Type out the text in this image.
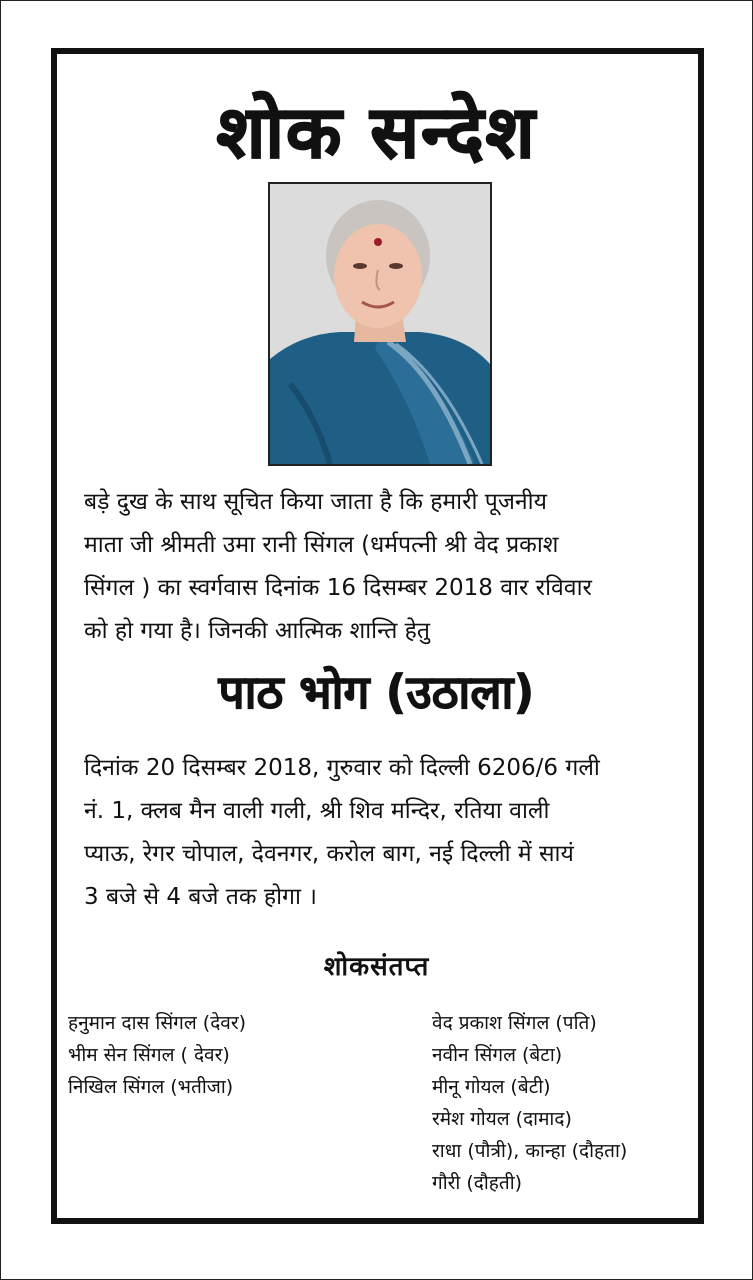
शोक सन्देश
बड़े दुख के साथ सूचित किया जाता है कि हमारी पूजनीय
माता जी श्रीमती उमा रानी सिंगल (धर्मपत्नी श्री वेद प्रकाश
सिंगल ) का स्वर्गवास दिनांक 16 दिसम्बर 2018 वार रविवार
को हो गया है। जिनकी आत्मिक शान्ति हेतु
पाठ भोग (उठाला)
दिनांक 20 दिसम्बर 2018, गुरुवार को दिल्ली 6206/6 गली
नं. 1, क्लब मैन वाली गली, श्री शिव मन्दिर, रतिया वाली
प्याऊ, रेगर चोपाल, देवनगर, करोल बाग, नई दिल्ली में सायं
3 बजे से 4 बजे तक होगा ।
शोकसंतप्त
हनुमान दास सिंगल (देवर)
भीम सेन सिंगल ( देवर)
निखिल सिंगल (भतीजा)
वेद प्रकाश सिंगल (पति)
नवीन सिंगल (बेटा)
मीनू गोयल (बेटी)
रमेश गोयल (दामाद)
राधा (पौत्री), कान्हा (दौहता)
गौरी (दौहती)
